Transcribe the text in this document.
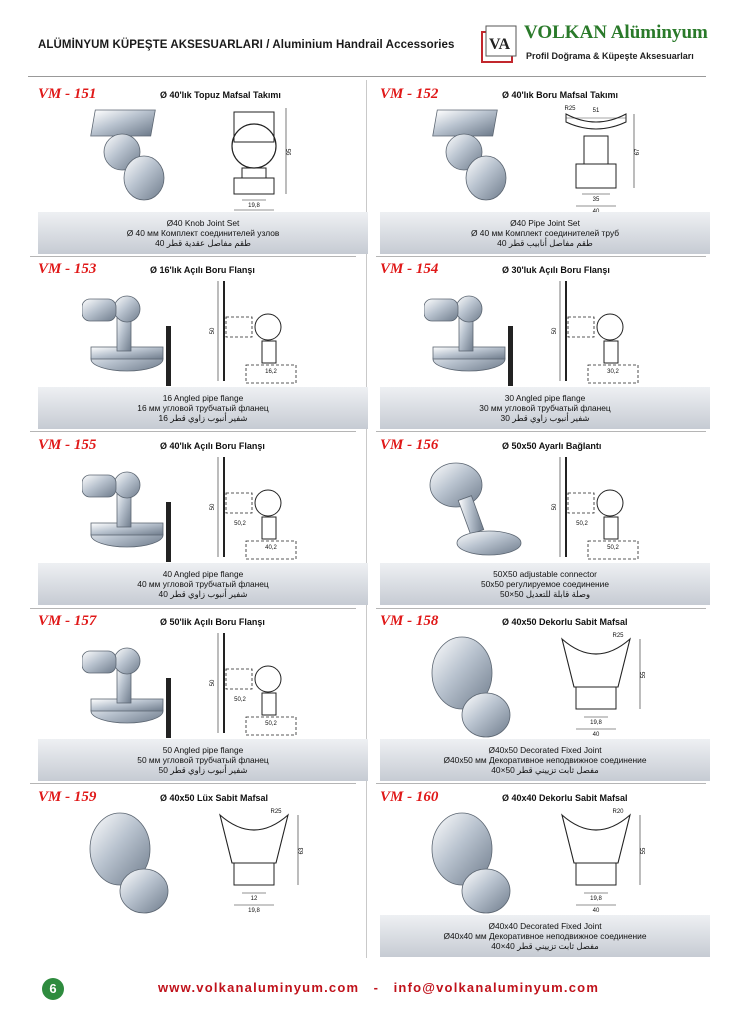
ALÜMİNYUM KÜPEŞTE AKSESUARLARI / Aluminium Handrail Accessories VA
VOLKAN Alüminyum
Profil Doğrama & Küpeşte Aksesuarları
VM - 151	Ø 40'lık Topuz Mafsal Takımı
95
19,8
Ø40 Knob Joint Set
Ø 40 мм Комплект соединителей узлов
طقم مفاصل عقدية قطر 40
VM - 152	Ø 40'lık Boru Mafsal Takımı
R25	51
67
35
Ø40 Pipe Joint Set
Ø 40 мм Комплект соединителей труб
طقم مفاصل أنابيب قطر 40
VM - 153	Ø 16'lık Açılı Boru Flanşı
50
16,2
16 Angled pipe flange
16 мм угловой трубчатый фланец
شفير أنبوب زاوي قطر 16
VM - 154	Ø 30'luk Açılı Boru Flanşı
50
30,2
30 Angled pipe flange
30 мм угловой трубчатый фланец
شفير أنبوب زاوي قطر 30
VM - 155	Ø 40'lık Açılı Boru Flanşı
50
50,2
40,2
40 Angled pipe flange
40 мм угловой трубчатый фланец
شفير أنبوب زاوي قطر 40
VM - 156	Ø 50x50 Ayarlı Bağlantı
50
50,2
50,2
50X50 adjustable connector
50x50 регулируемое соединение
وصلة قابلة للتعديل 50×50
VM - 157	Ø 50'lik Açılı Boru Flanşı
50
50,2
50,2
50 Angled pipe flange
50 мм угловой трубчатый фланец
شفير أنبوب زاوي قطر 50
VM - 158	Ø 40x50 Dekorlu Sabit Mafsal
R25
55
19,8
40
Ø40x50 Decorated Fixed Joint
Ø40x50 мм Декоративное неподвижное соединение
مفصل ثابت تزييني قطر 50×40
VM - 159	Ø 40x50 Lüx Sabit Mafsal
R25
63
12
19,8
VM - 160	Ø 40x40 Dekorlu Sabit Mafsal
R20
55
19,8
40
Ø40x40 Decorated Fixed Joint
Ø40x40 мм Декоративное неподвижное соединение
مفصل ثابت تزييني قطر 40×40
6	www.volkanaluminyum.com - info@volkanaluminyum.com
